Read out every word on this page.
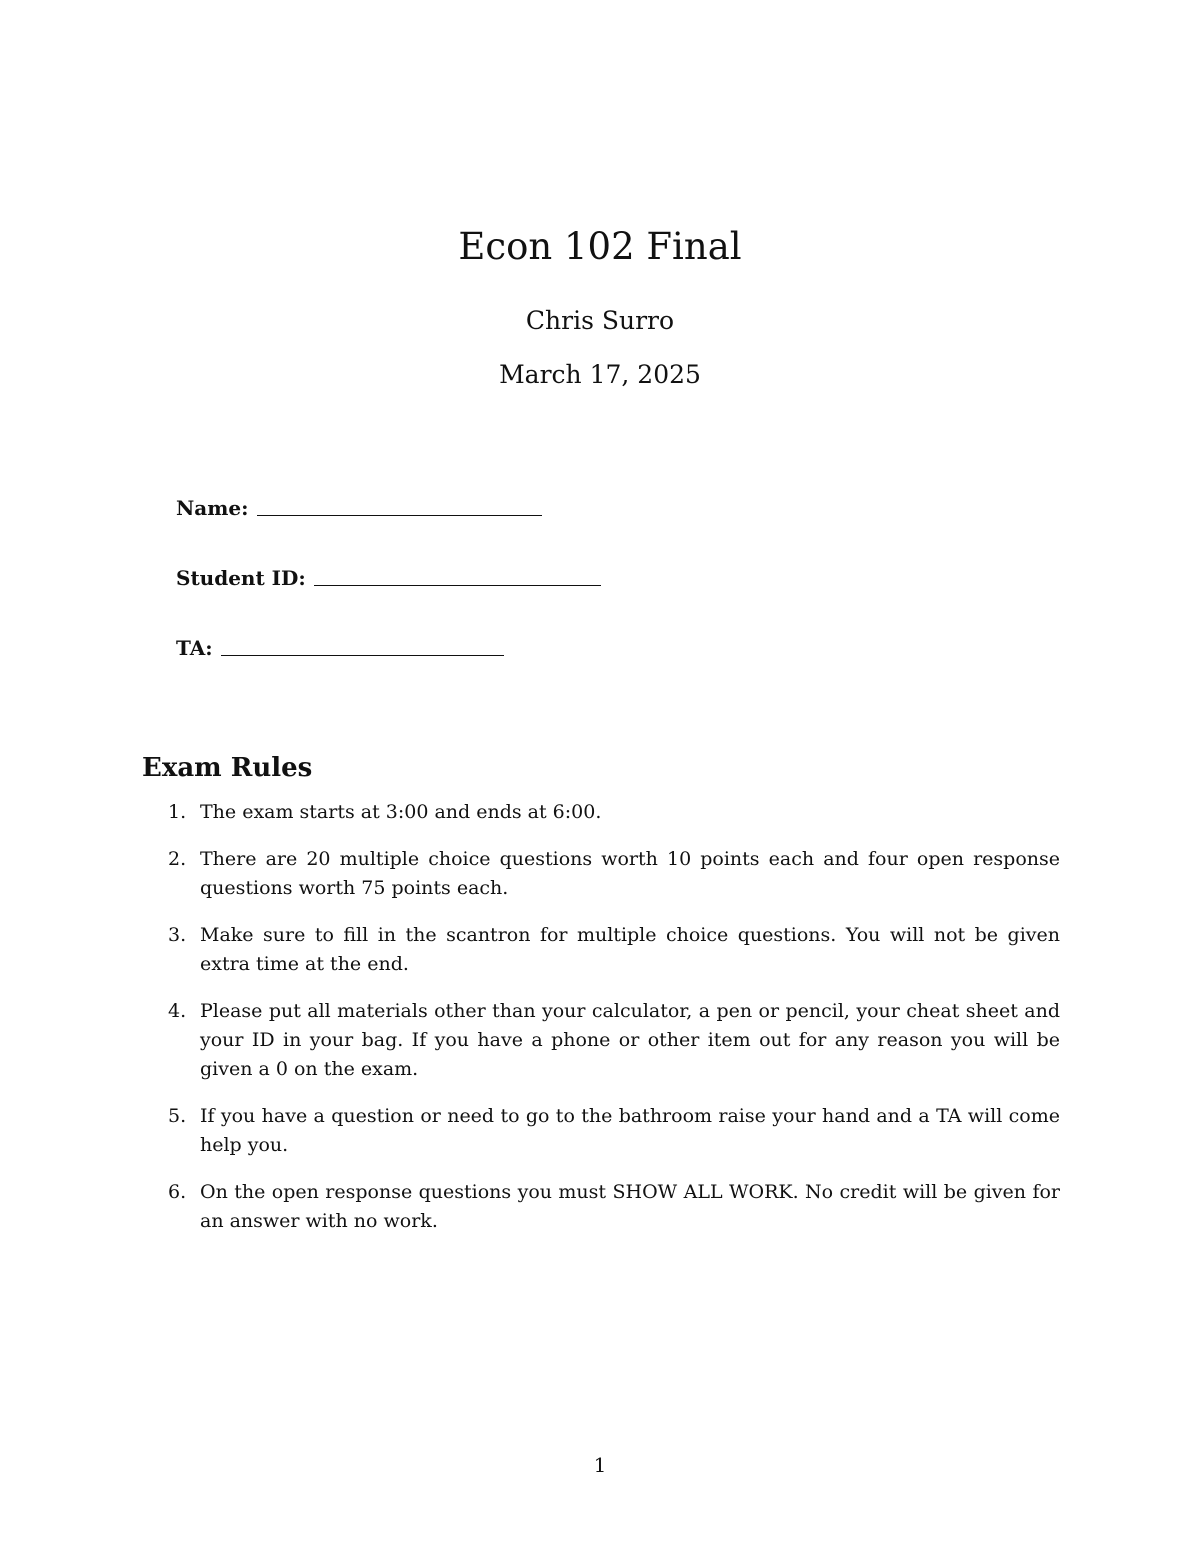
Econ 102 Final
Chris Surro
March 17, 2025
Name:
Student ID:
TA:
Exam Rules
1. The exam starts at 3:00 and ends at 6:00.
2. There are 20 multiple choice questions worth 10 points each and four open response questions worth 75 points each.
3. Make sure to fill in the scantron for multiple choice questions. You will not be given extra time at the end.
4. Please put all materials other than your calculator, a pen or pencil, your cheat sheet and your ID in your bag. If you have a phone or other item out for any reason you will be given a 0 on the exam.
5. If you have a question or need to go to the bathroom raise your hand and a TA will come help you.
6. On the open response questions you must SHOW ALL WORK. No credit will be given for an answer with no work.
1
